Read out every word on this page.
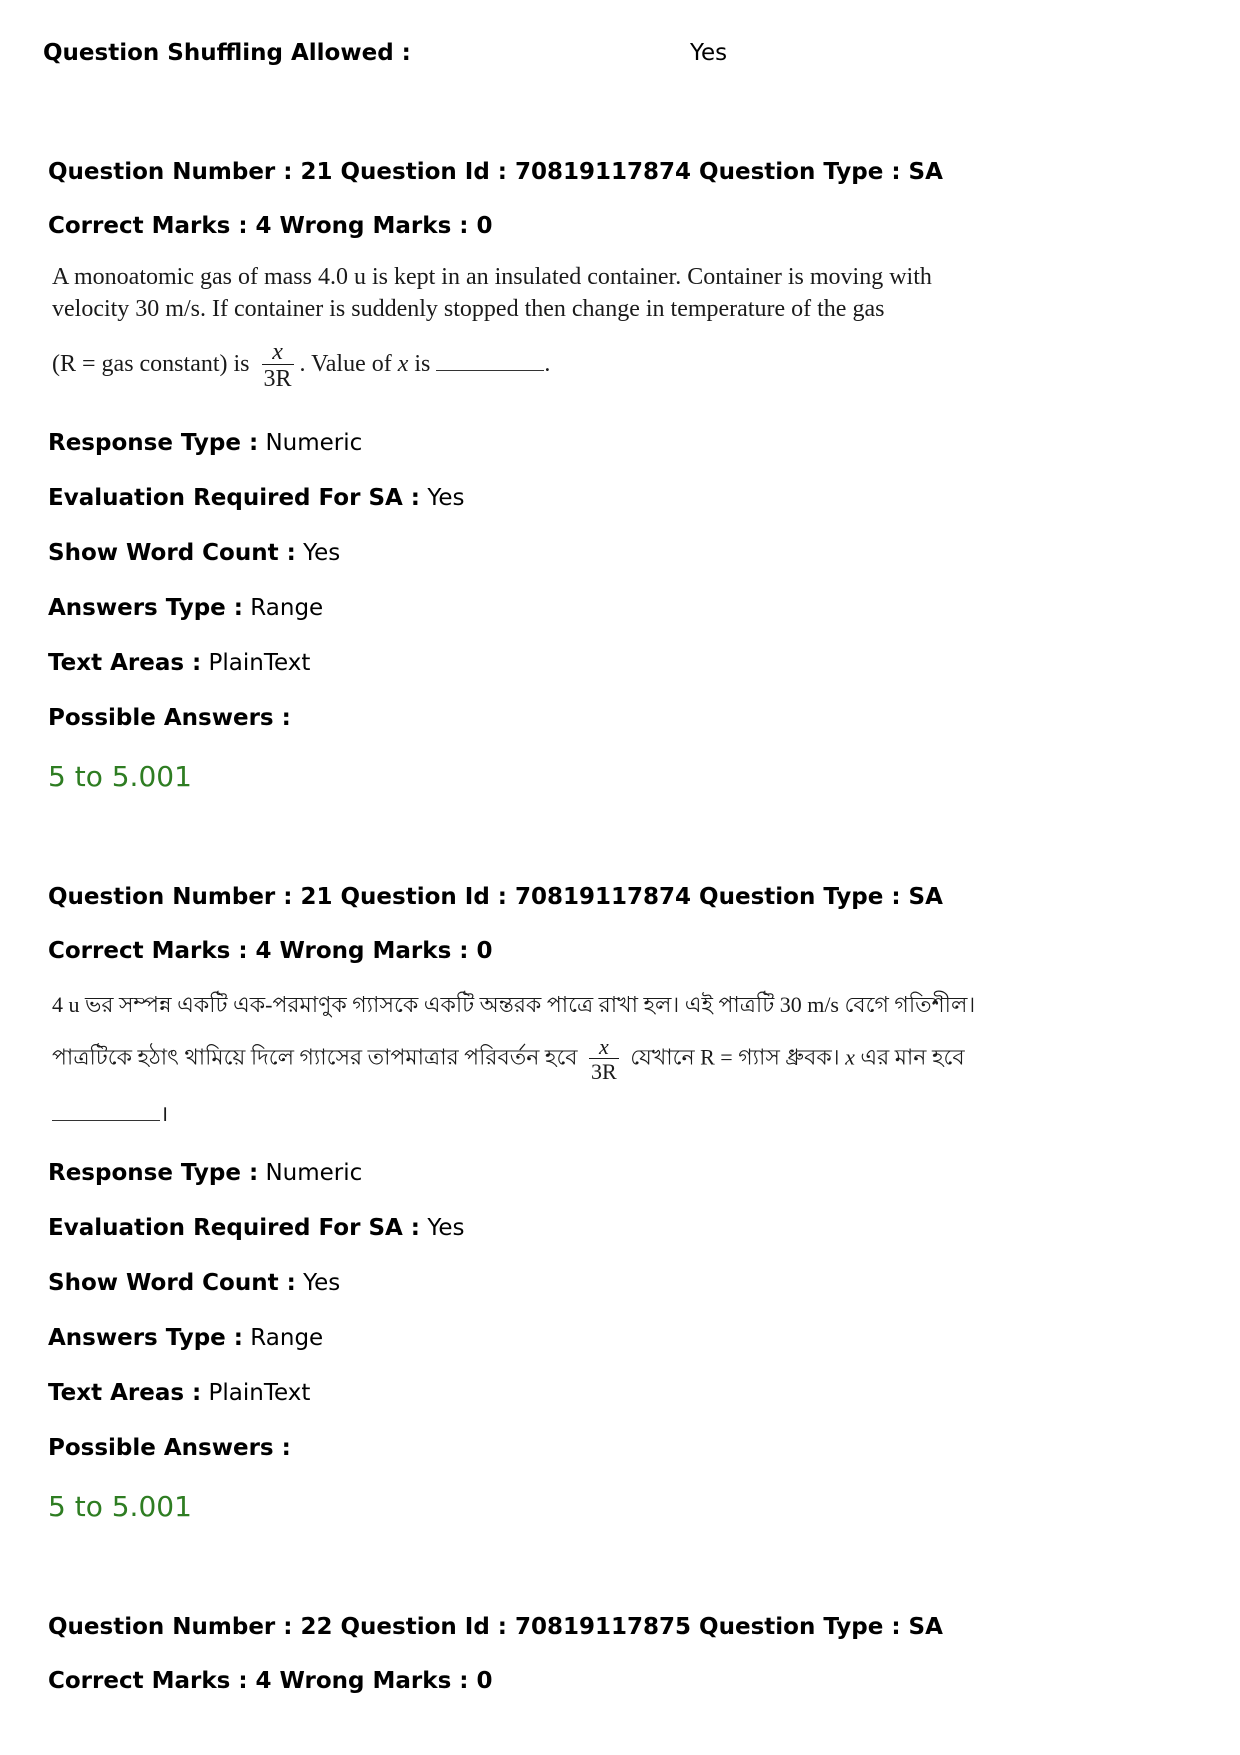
Question Shuffling Allowed :	Yes
Question Number : 21 Question Id : 70819117874 Question Type : SA
Correct Marks : 4 Wrong Marks : 0
A monoatomic gas of mass 4.0 u is kept in an insulated container. Container is moving with
velocity 30 m/s. If container is suddenly stopped then change in temperature of the gas
(R = gas constant) is $\frac{x}{3R}$ . Value of x is	.
Response Type : Numeric
Evaluation Required For SA : Yes
Show Word Count : Yes
Answers Type : Range
Text Areas : PlainText
Possible Answers :
5 to 5.001
Question Number : 21 Question Id : 70819117874 Question Type : SA
Correct Marks : 4 Wrong Marks : 0
4 u ভর সম্পন্ন একটি এক-পরমাণুক গ্যাসকে একটি অন্তরক পাত্রে রাখা হল। এই পাত্রটি 30 m/s বেগে গতিশীল।
পাত্রটিকে হঠাৎ থামিয়ে দিলে গ্যাসের তাপমাত্রার পরিবর্তন হবে $\frac{x}{3R}$ যেখানে R = গ্যাস ধ্রুবক। x এর মান হবে
।
Response Type : Numeric
Evaluation Required For SA : Yes
Show Word Count : Yes
Answers Type : Range
Text Areas : PlainText
Possible Answers :
5 to 5.001
Question Number : 22 Question Id : 70819117875 Question Type : SA
Correct Marks : 4 Wrong Marks : 0
